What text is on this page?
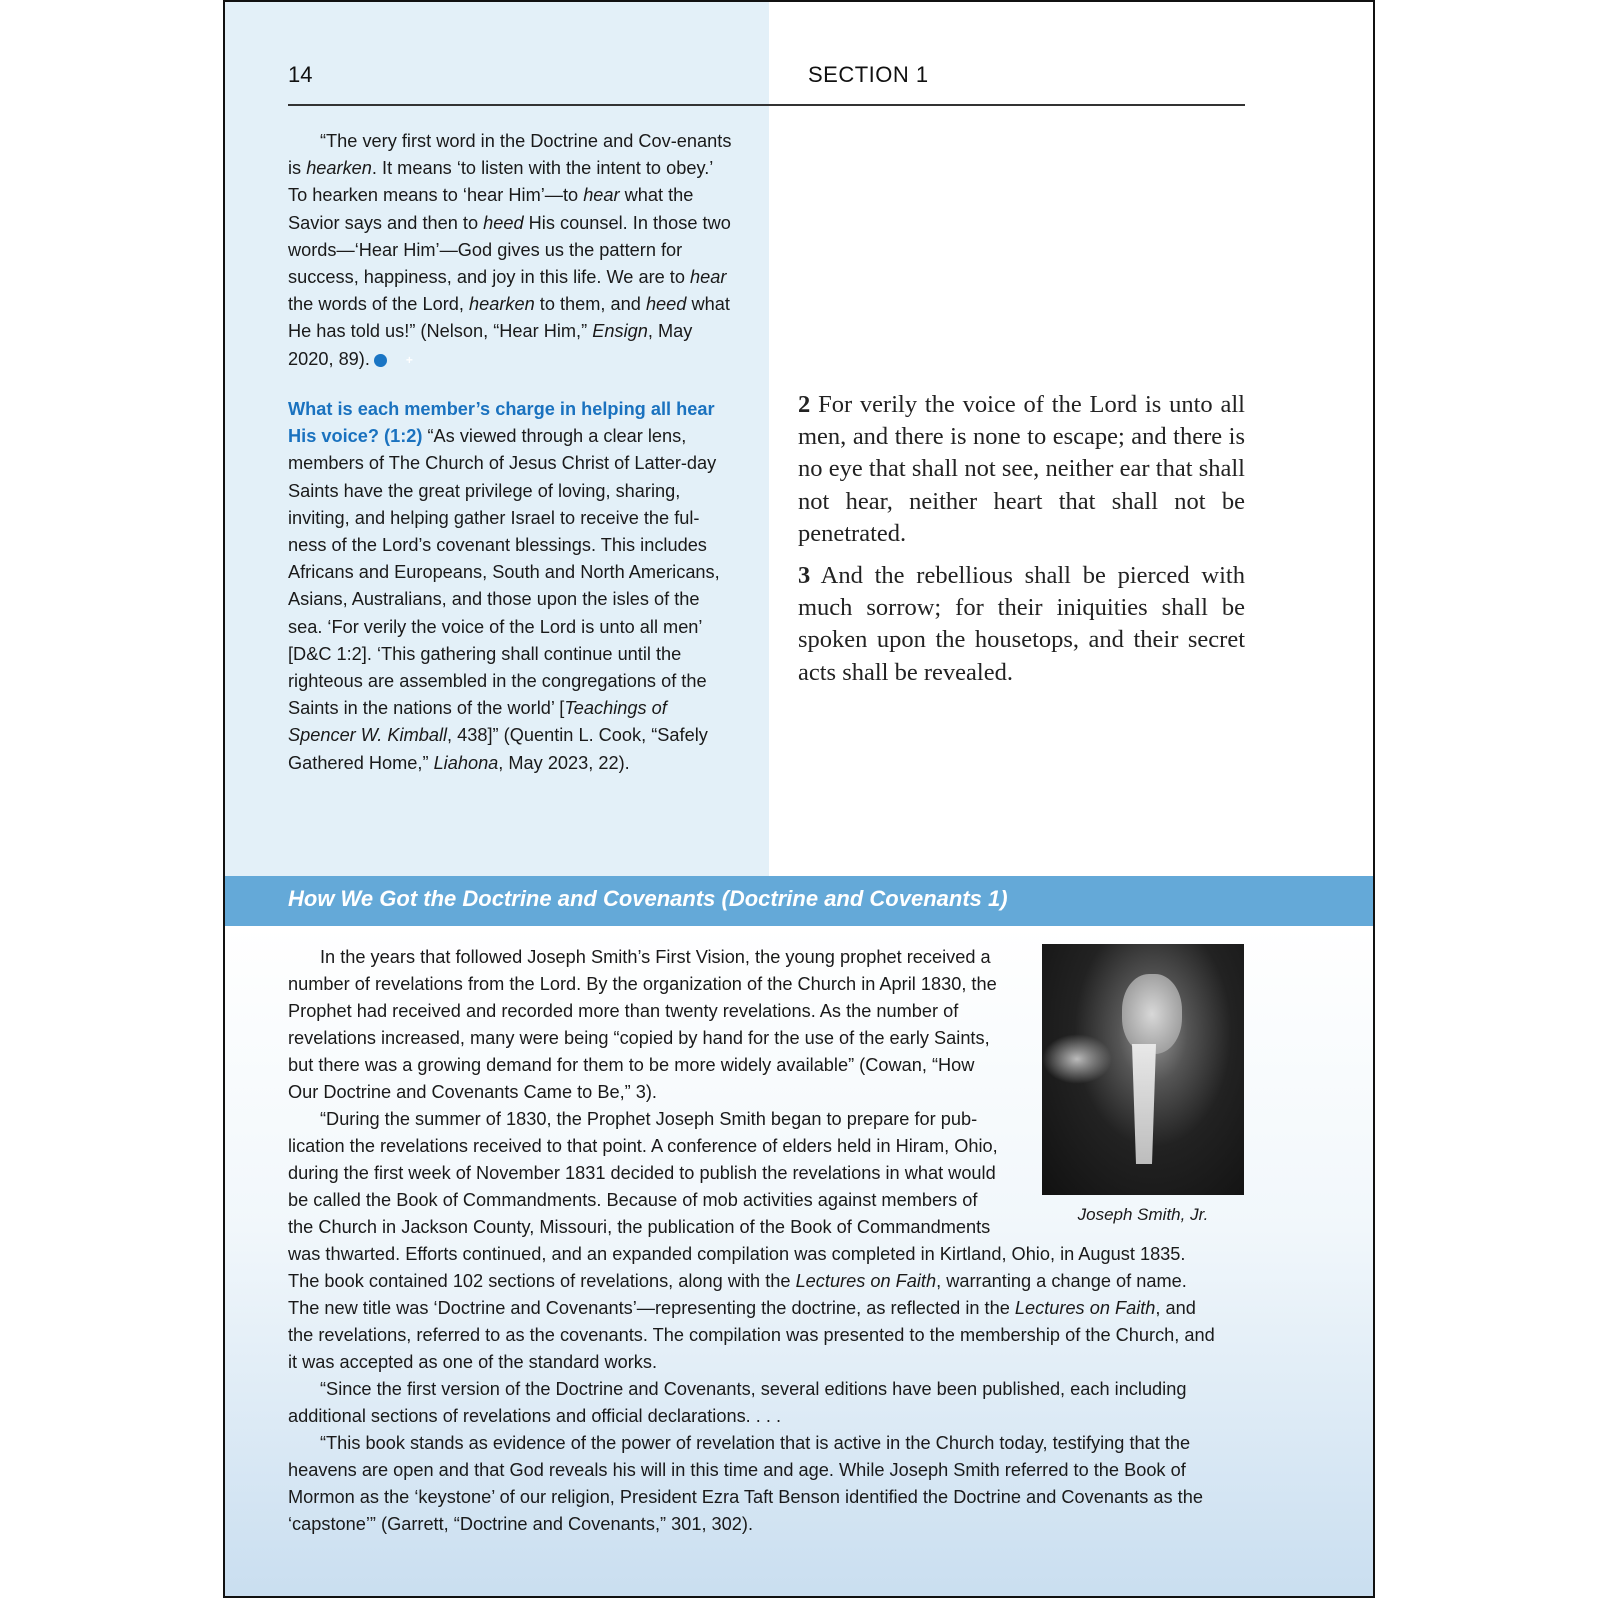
14	SECTION 1
“The very first word in the Doctrine and Cov-enants is hearken. It means ‘to listen with the intent to obey.’ To hearken means to ‘hear Him’—to hear what the Savior says and then to heed His counsel. In those two words—‘Hear Him’—God gives us the pattern for success, happiness, and joy in this life. We are to hear the words of the Lord, hearken to them, and heed what He has told us!” (Nelson, “Hear Him,” Ensign, May 2020, 89).	+
What is each member’s charge in helping all hear His voice? (1:2) “As viewed through a clear lens, members of The Church of Jesus Christ of Latter-day Saints have the great privilege of loving, sharing, inviting, and helping gather Israel to receive the ful-ness of the Lord’s covenant blessings. This includes Africans and Europeans, South and North Americans, Asians, Australians, and those upon the isles of the sea. ‘For verily the voice of the Lord is unto all men’ [D&C 1:2]. ‘This gathering shall continue until the righteous are assembled in the congregations of the Saints in the nations of the world’ [Teachings of Spencer W. Kimball, 438]” (Quentin L. Cook, “Safely Gathered Home,” Liahona, May 2023, 22).

2 For verily the voice of the Lord is unto all men, and there is none to escape; and there is no eye that shall not see, neither ear that shall not hear, neither heart that shall not be penetrated.

3 And the rebellious shall be pierced with much sorrow; for their iniquities shall be spoken upon the housetops, and their secret acts shall be revealed.

How We Got the Doctrine and Covenants (Doctrine and Covenants 1)
Joseph Smith, Jr.

In the years that followed Joseph Smith’s First Vision, the young prophet received a number of revelations from the Lord. By the organization of the Church in April 1830, the Prophet had received and recorded more than twenty revelations. As the number of revelations increased, many were being “copied by hand for the use of the early Saints, but there was a growing demand for them to be more widely available” (Cowan, “How Our Doctrine and Covenants Came to Be,” 3).

“During the summer of 1830, the Prophet Joseph Smith began to prepare for pub-lication the revelations received to that point. A conference of elders held in Hiram, Ohio, during the first week of November 1831 decided to publish the revelations in what would be called the Book of Commandments. Because of mob activities against members of the Church in Jackson County, Missouri, the publication of the Book of Commandments was thwarted. Efforts continued, and an expanded compilation was completed in Kirtland, Ohio, in August 1835. The book contained 102 sections of revelations, along with the Lectures on Faith, warranting a change of name. The new title was ‘Doctrine and Covenants’—representing the doctrine, as reflected in the Lectures on Faith, and the revelations, referred to as the covenants. The compilation was presented to the membership of the Church, and it was accepted as one of the standard works.

“Since the first version of the Doctrine and Covenants, several editions have been published, each including additional sections of revelations and official declarations. . . .

“This book stands as evidence of the power of revelation that is active in the Church today, testifying that the heavens are open and that God reveals his will in this time and age. While Joseph Smith referred to the Book of Mormon as the ‘keystone’ of our religion, President Ezra Taft Benson identified the Doctrine and Covenants as the ‘capstone’” (Garrett, “Doctrine and Covenants,” 301, 302).
